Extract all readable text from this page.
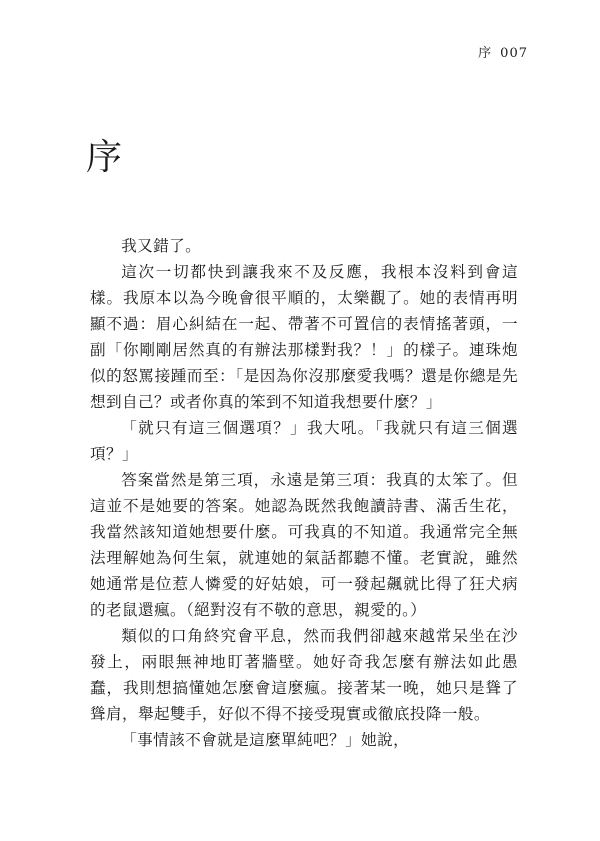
序 007
序

我又錯了。

這次一切都快到讓我來不及反應，我根本沒料到會這樣。我原本以為今晚會很平順的，太樂觀了。她的表情再明顯不過：眉心糾結在一起、帶著不可置信的表情搖著頭，一副「你剛剛居然真的有辦法那樣對我？！」的樣子。連珠炮似的怒罵接踵而至：「是因為你沒那麼愛我嗎？還是你總是先想到自己？或者你真的笨到不知道我想要什麼？」

「就只有這三個選項？」我大吼。「我就只有這三個選項？」

答案當然是第三項，永遠是第三項：我真的太笨了。但這並不是她要的答案。她認為既然我飽讀詩書、滿舌生花，我當然該知道她想要什麼。可我真的不知道。我通常完全無法理解她為何生氣，就連她的氣話都聽不懂。老實說，雖然她通常是位惹人憐愛的好姑娘，可一發起飆就比得了狂犬病的老鼠還瘋。（絕對沒有不敬的意思，親愛的。）

類似的口角終究會平息，然而我們卻越來越常呆坐在沙發上，兩眼無神地盯著牆壁。她好奇我怎麼有辦法如此愚蠢，我則想搞懂她怎麼會這麼瘋。接著某一晚，她只是聳了聳肩，舉起雙手，好似不得不接受現實或徹底投降一般。

「事情該不會就是這麼單純吧？」她說，
